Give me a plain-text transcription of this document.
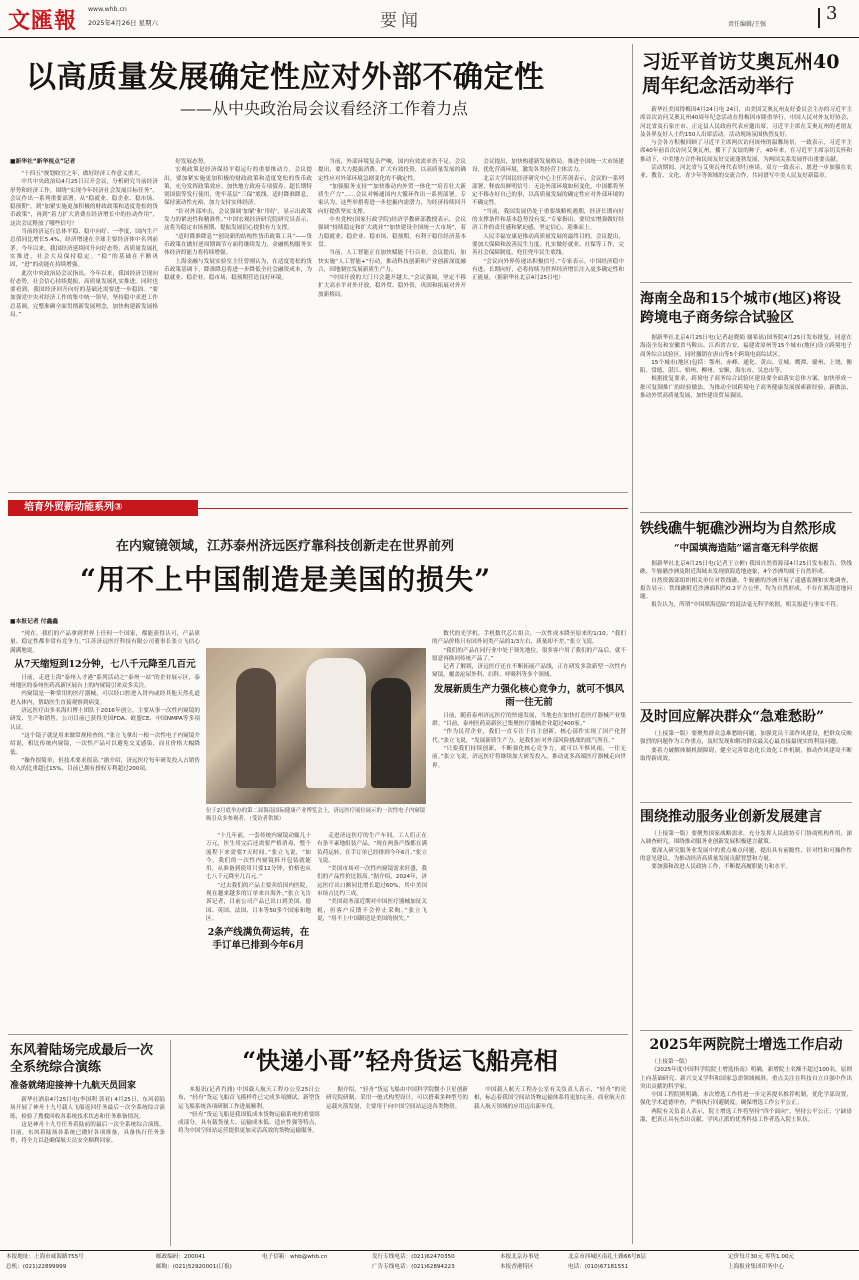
文匯報 www.whb.cn
2025年4月26日 星期六	要闻	责任编辑/王强
3
以高质量发展确定性应对外部不确定性
——从中央政治局会议看经济工作着力点
■新华社“新华视点”记者

“十四五”规划收官之年，做好经济工作意义重大。

中共中央政治局4月25日召开会议，分析研究当前经济形势和经济工作。围绕“实现今年经济社会发展目标任务”，会议作出一系列重要部署。从“稳就业、稳企业、稳市场、稳预期”，到“加紧实施更加积极的财政政策和适度宽松的货币政策”，再到“着力扩大消费在经济增长中的拉动作用”，这次会议释放了哪些信号？

当前经济运行总体平稳、稳中向好。一季度，国内生产总值同比增长5.4%，经济增速在全球主要经济体中名列前茅。今年以来，我国经济延续回升向好态势，高质量发展扎实推进，社会大局保持稳定。“稳”的基础在不断巩固，“进”的动能在持续增强。

此次中央政治局会议指出，今年以来，我国经济呈现向好态势，社会信心持续提振，高质量发展扎实推进。同时也要看到，我国经济回升向好的基础还需要进一步稳固。“要加强党中央对经济工作的集中统一领导，坚持稳中求进工作总基调，完整准确全面贯彻新发展理念，加快构建新发展格局。”

好发展态势。

宏观政策是经济保持平稳运行的重要推动力。会议提出，要加紧实施更加积极的财政政策和适度宽松的货币政策，充分发挥政策效应。加快地方政府专项债券、超长期特别国债等发行使用，兜牢基层“三保”底线。适时降准降息，保持流动性充裕，加力支持实体经济。

“针对外部冲击，会议强调‘加紧’和‘用好’，显示出政策发力的紧迫性和精准性。”中国宏观经济研究院研究员表示，这将为稳定市场预期、提振发展信心提供有力支撑。

“适时降准降息”“创设新的结构性货币政策工具”——货币政策在做好逆周期调节方面将继续发力，金融机构服务实体经济的能力将持续增强。

上海金融与发展实验室主任曾刚认为，在适度宽松的货币政策基调下，降准降息将进一步降低全社会融资成本，为稳就业、稳企业、稳市场、稳预期营造良好环境。

当前，外部环境复杂严峻，国内有效需求仍不足。会议提出，要大力提振消费、扩大有效投资，以高质量发展的确定性应对外部环境急剧变化的不确定性。

“加强服务支持”“加快推动内外贸一体化”“培育壮大新质生产力”……会议对畅通国内大循环作出一系列部署。专家认为，这些举措将进一步挖掘内需潜力，为经济持续回升向好提供坚实支撑。

中央党校(国家行政学院)经济学教研部教授表示，会议强调“持续稳定和扩大就业”“加快建设全国统一大市场”，着力稳就业、稳企业、稳市场、稳预期，有利于稳住经济基本盘。

当前，人工智能正在加快赋能千行百业。会议提出，加快实施“人工智能+”行动，推动科技创新和产业创新深度融合，因地制宜发展新质生产力。

“中国开放的大门只会越开越大。”会议强调，坚定不移扩大高水平对外开放，稳外贸、稳外资，巩固和拓展对外开放新格局。

会议提出，加快构建新发展格局，推进全国统一大市场建设，优化营商环境，激发各类经营主体活力。

北京大学国民经济研究中心主任苏剑表示，会议的一系列部署，释放出鲜明信号：无论外部环境如何变化，中国都将坚定不移办好自己的事，以高质量发展的确定性应对外部环境的不确定性。

“当前，我国发展仍处于重要战略机遇期，经济长期向好的支撑条件和基本趋势没有变。”专家指出，要切实增强做好经济工作的责任感和紧迫感，坚定信心，迎难而上。

人民幸福安康是推动高质量发展的最终目的。会议提出，要加大保障和改善民生力度，扎实做好就业、社保等工作，完善社会保障制度，兜住兜牢民生底线。

“会议向外界传递出积极信号。”专家表示，中国经济稳中有进、长期向好，必将持续为世界经济增长注入更多确定性和正能量。（据新华社北京4月25日电）

习近平首访艾奥瓦州40周年纪念活动举行

新华社美国得梅因4月24日电 24日，由美国艾奥瓦州友好委员会主办的习近平主席首次访问艾奥瓦州40周年纪念活动在得梅因市隆重举行。中国人民对外友好协会、河北省及石家庄市、正定县人民政府代表应邀出席。习近平主席在艾奥瓦州的老朋友及各界友好人士约150人出席活动。活动现场氛围热烈友好。

与会各方积极回顾了习近平主席两次访问该州的温馨场景，一致表示，习近平主席40年前首次访问艾奥瓦州，播下了友谊的种子，40年来，在习近平主席亲切关怀和推动下，中美地方合作和民间友好交流蓬勃发展，为两国关系发展作出重要贡献。

活动期间，河北省与艾奥瓦州代表举行座谈，双方一致表示，愿进一步加强在农业、教育、文化、青少年等领域的交流合作，共同谱写中美人民友好新篇章。

海南全岛和15个城市(地区)将设跨境电子商务综合试验区

据新华社北京4月25日电(记者赵晓娟 谢希瑶)国务院4月25日发布批复，同意在海南全岛和安徽省马鞍山、江西省吉安、福建省漳州等15个城市(地区)设立跨境电子商务综合试验区，同时撤销在唐山等5个跨境电商综试区。

15个城市(地区)包括：鄂州、赤峰、通化、黄山、宣城、鹰潭、赣州、上饶、衡阳、常德、湛江、梧州、柳州、安顺、海东市、吴忠市等。

根据批复要求，跨境电子商务综合试验区建设要全面落实总体方案，加快形成一批可复制推广的经验做法，为推动全国跨境电子商务健康发展探索新经验、新做法，推动外贸高质量发展，加快建设贸易强国。

铁线礁牛轭礁沙洲均为自然形成
“中国填海造陆”谣言毫无科学依据

据新华社北京4月25日电(记者王立彬) 我国自然资源部4月25日发布报告，铁线礁、牛轭礁沙洲及附近海域未发现填海造地迹象，4个沙洲均属于自然形成。

自然资源部组织相关单位对铁线礁、牛轭礁的沙洲开展了遥感监测和实地调查，报告显示：铁线礁附近沙洲面积约0.2平方公里，均为自然形成，不存在填海造地问题。

报告认为，所谓“中国填海造陆”的说法毫无科学依据，相关报道与事实不符。

及时回应解决群众“急难愁盼”

（上接第一版）要聚焦群众急难愁盼问题，加强党员干部作风建设，把群众反映强烈的问题作为工作重点，及时发现和解决群众最关心最直接最现实的利益问题。

要着力破解体制机制障碍，健全完善常态化长效化工作机制，推动作风建设不断取得新成效。

围绕推动服务业创新发展建言

（上接第一版）要聚焦国家战略需求，充分发挥人民政协专门协商机构作用，深入调查研究，围绕推动服务业创新发展积极建言献策。

要深入研究服务业发展中的重点难点问题，提出具有前瞻性、针对性和可操作性的意见建议，为推动经济高质量发展贡献智慧和力量。

要加强和改进人民政协工作，不断提高履职能力和水平。

2025年两院院士增选工作启动

（上接第一版）

《2025年度中国科学院院士增选指南》明确，新增院士名额不超过100名，原则上向基础研究、新兴交叉学科和国家急需领域倾斜，重点关注在科技自立自强中作出突出贡献的科学家。

中国工程院则明确，本次增选工作将进一步完善提名推荐机制，优化学部设置，强化学术道德审查，严格执行回避制度，确保增选工作公平公正。

两院有关负责人表示，院士增选工作将坚持“四个面向”，坚持公平公正、宁缺毋滥，把真正具有杰出贡献、学风正派的优秀科技工作者选入院士队伍。

培育外贸新动能系列③
在内窥镜领域，江苏泰州济远医疗靠科技创新走在世界前列
“用不上中国制造是美国的损失”
■本报记者 付鑫鑫

“现在，我们的产品拿到世界上任何一个国家，都能获得认可，产品质量、稳定性都非常有竞争力。”江苏济远医疗科技有限公司董事长张立飞信心满满地说。

从7天缩短到12分钟，七八千元降至几百元

日前，走进上海“泰州人才港”系列活动之“泰州一站”的企业展示区，泰州地区的泰州医药高新区展台上的内窥镜引来众多关注。

内窥镜是一种常用的医疗器械，可以经口腔进入胃内或经其他天然孔道进入体内，帮助医生直接观察到病变。

济远医疗由多名海归博士团队于2016年创立，主要从事一次性内窥镜的研发、生产和销售。公司目前已获得美国FDA、欧盟CE、中国NMPA等多项认证。

“这个镜子就是用来做常规检查的。”张立飞拿出一根一次性电子内窥镜介绍说，相比传统内窥镜，一次性产品可以避免交叉感染，而且价格大幅降低。

“操作很简单，但技术要求很高。”据介绍，济远医疗每年研发投入占销售收入的比重超过15%，目前已拥有授权专利超过200项。

位于2月底举办的第二届海南国际健康产业博览会上，济远医疗展位展示的一次性电子内窥镜吸引众多参观者。（受访者供图）

“十几年前，一套传统内窥镜动辄几十万元，医生用完后还需要严格消毒，整个流程下来需要7天时间。”张立飞说，“如今，我们的一次性内窥镜拆开包装就能用，从准备到使用只要12分钟，价格也从七八千元降至几百元。”

“过去我们的产品主要卖给国内医院，现在越来越多的订单来自海外。”张立飞告诉记者，目前公司产品已出口到美国、德国、英国、法国、日本等50多个国家和地区。

2条产线满负荷运转，在手订单已排到今年6月

走进济远医疗的生产车间，工人们正在有条不紊地组装产品。“现在两条产线都在满负荷运转，在手订单已经排到今年6月。”张立飞说。

“美国市场对一次性内窥镜需求旺盛，我们的产品性价比很高。”据介绍，2024年，济远医疗出口额同比增长超过60%，其中美国市场占比约三成。

“美国商务部近期对中国医疗器械加征关税，但客户反馈不会停止采购。”张立飞说，“用不上中国制造是美国的损失。”

数代的光学机、手机数代芯片组合，一次性成本降至原来的1/10。“我们的产品价格只有国外同类产品的1/3左右，质量却不差。”张立飞说。

“我们的产品在同行业中处于领先地位，很多客户用了我们的产品后，就不愿意再换回传统产品了。”

记者了解到，济远医疗还在不断拓展产品线，正在研发多款新型一次性内窥镜，覆盖泌尿外科、妇科、呼吸科等多个领域。

发展新质生产力强化核心竞争力，就可不惧风雨一往无前

日前，随着泰州济远医疗的快速发展，当地也在加快打造医疗器械产业集群。“目前，泰州医药高新区已集聚医疗器械企业超过400家。”

“作为民营企业，我们一直专注于自主创新，核心部件实现了国产化替代。”张立飞说，“发展新质生产力，是我们应对外部风险挑战的底气所在。”

“只要我们持续创新，不断强化核心竞争力，就可以不惧风雨，一往无前。”张立飞说，济远医疗将继续加大研发投入，推动更多高端医疗器械走向世界。

东风着陆场完成最后一次全系统综合演练
准备就绪迎接神十九航天员回家

新华社酒泉4月25日电(李国利 郭亚) 4月25日，东风着陆场开展了神舟十九号载人飞船返回任务最后一次全系统综合演练，检验了搜救回收各系统技术状态和任务准备情况。

这是神舟十九号任务着陆前的最后一次全系统综合演练。目前，东风着陆场各系统已做好各项准备，具备执行任务条件，将全力以赴确保航天员安全顺利回家。

“快递小哥”轻舟货运飞船亮相

本报讯(记者肖浦) 中国载人航天工程办公室25日公布，“轻舟”货运飞船首飞模样件已完成多项测试，新型货运飞船系统各项研制工作进展顺利。

“轻舟”货运飞船是我国低成本货物运输系统的重要组成部分，具有载货量大、运输成本低、适应性强等特点，将为中国空间站运营提供更加灵活高效的货物运输服务。

据介绍，“轻舟”货运飞船由中国科学院微小卫星创新研究院研制，采用一舱式构型设计，可以搭乘多种型号的运载火箭发射，主要用于向中国空间站运送各类物资。

中国载人航天工程办公室有关负责人表示，“轻舟”的亮相，标志着我国空间站货物运输体系将更加完善，商业航天在载人航天领域的应用迈出新步伐。

本报地址：上海市威海路755号
总机：(021)22899999
邮政编码：200041
邮购：(021)52920001(订报)
电子信箱：whb@whb.cn	发行专线电话：(021)62470350
广告专线电话：(021)62894223
本报北京办事处
本报香港特区
北京市西城区南礼士路66号8层
电话：(010)67181551
定价每月30元 零售1.00元
上海报业集团印务中心
